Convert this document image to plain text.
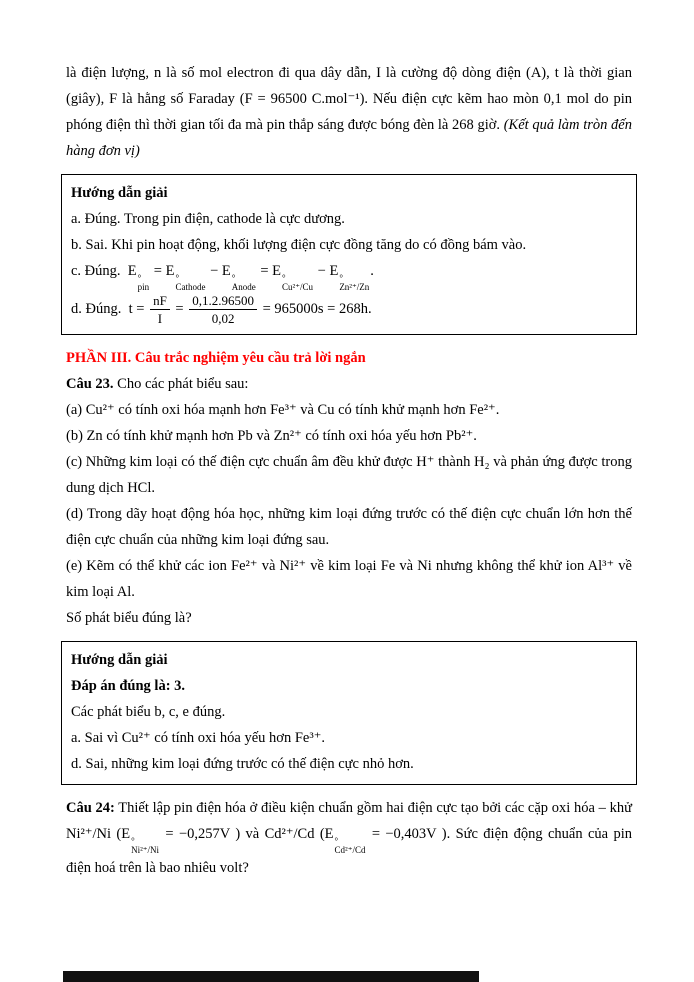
là điện lượng, n là số mol electron đi qua dây dẫn, I là cường độ dòng điện (A), t là thời gian (giây), F là hằng số Faraday (F = 96500 C.mol⁻¹). Nếu điện cực kẽm hao mòn 0,1 mol do pin phóng điện thì thời gian tối đa mà pin thắp sáng được bóng đèn là 268 giờ. (Kết quả làm tròn đến hàng đơn vị)

Hướng dẫn giải

a. Đúng. Trong pin điện, cathode là cực dương.

b. Sai. Khi pin hoạt động, khối lượng điện cực đồng tăng do có đồng bám vào.

c. Đúng.  E °
pin
= E °
Cathode
− E °
Anode
= E °
Cu²⁺/Cu
− E °
Zn²⁺/Zn
.

d. Đúng.  $t = \frac{nF}{I} = \frac{0,1.2.96500}{0,02} = 965000s = 268h$.

PHẦN III. Câu trắc nghiệm yêu cầu trả lời ngắn

Câu 23. Cho các phát biểu sau:

(a) Cu²⁺ có tính oxi hóa mạnh hơn Fe³⁺ và Cu có tính khử mạnh hơn Fe²⁺.

(b) Zn có tính khử mạnh hơn Pb và Zn²⁺ có tính oxi hóa yếu hơn Pb²⁺.

(c) Những kim loại có thế điện cực chuẩn âm đều khử được H⁺ thành H₂ và phản ứng được trong dung dịch HCl.

(d) Trong dãy hoạt động hóa học, những kim loại đứng trước có thế điện cực chuẩn lớn hơn thế điện cực chuẩn của những kim loại đứng sau.

(e) Kẽm có thể khử các ion Fe²⁺ và Ni²⁺ về kim loại Fe và Ni nhưng không thể khử ion Al³⁺ về kim loại Al.

Số phát biểu đúng là?

Hướng dẫn giải

Đáp án đúng là: 3.

Các phát biểu b, c, e đúng.

a. Sai vì Cu²⁺ có tính oxi hóa yếu hơn Fe³⁺.

d. Sai, những kim loại đứng trước có thế điện cực nhỏ hơn.

Câu 24: Thiết lập pin điện hóa ở điều kiện chuẩn gồm hai điện cực tạo bởi các cặp oxi hóa – khử Ni²⁺/Ni (E °
Ni²⁺/Ni
= −0,257V ) và Cd²⁺/Cd (E °
Cd²⁺/Cd
= −0,403V ). Sức điện động chuẩn của pin điện hoá trên là bao nhiêu volt?
